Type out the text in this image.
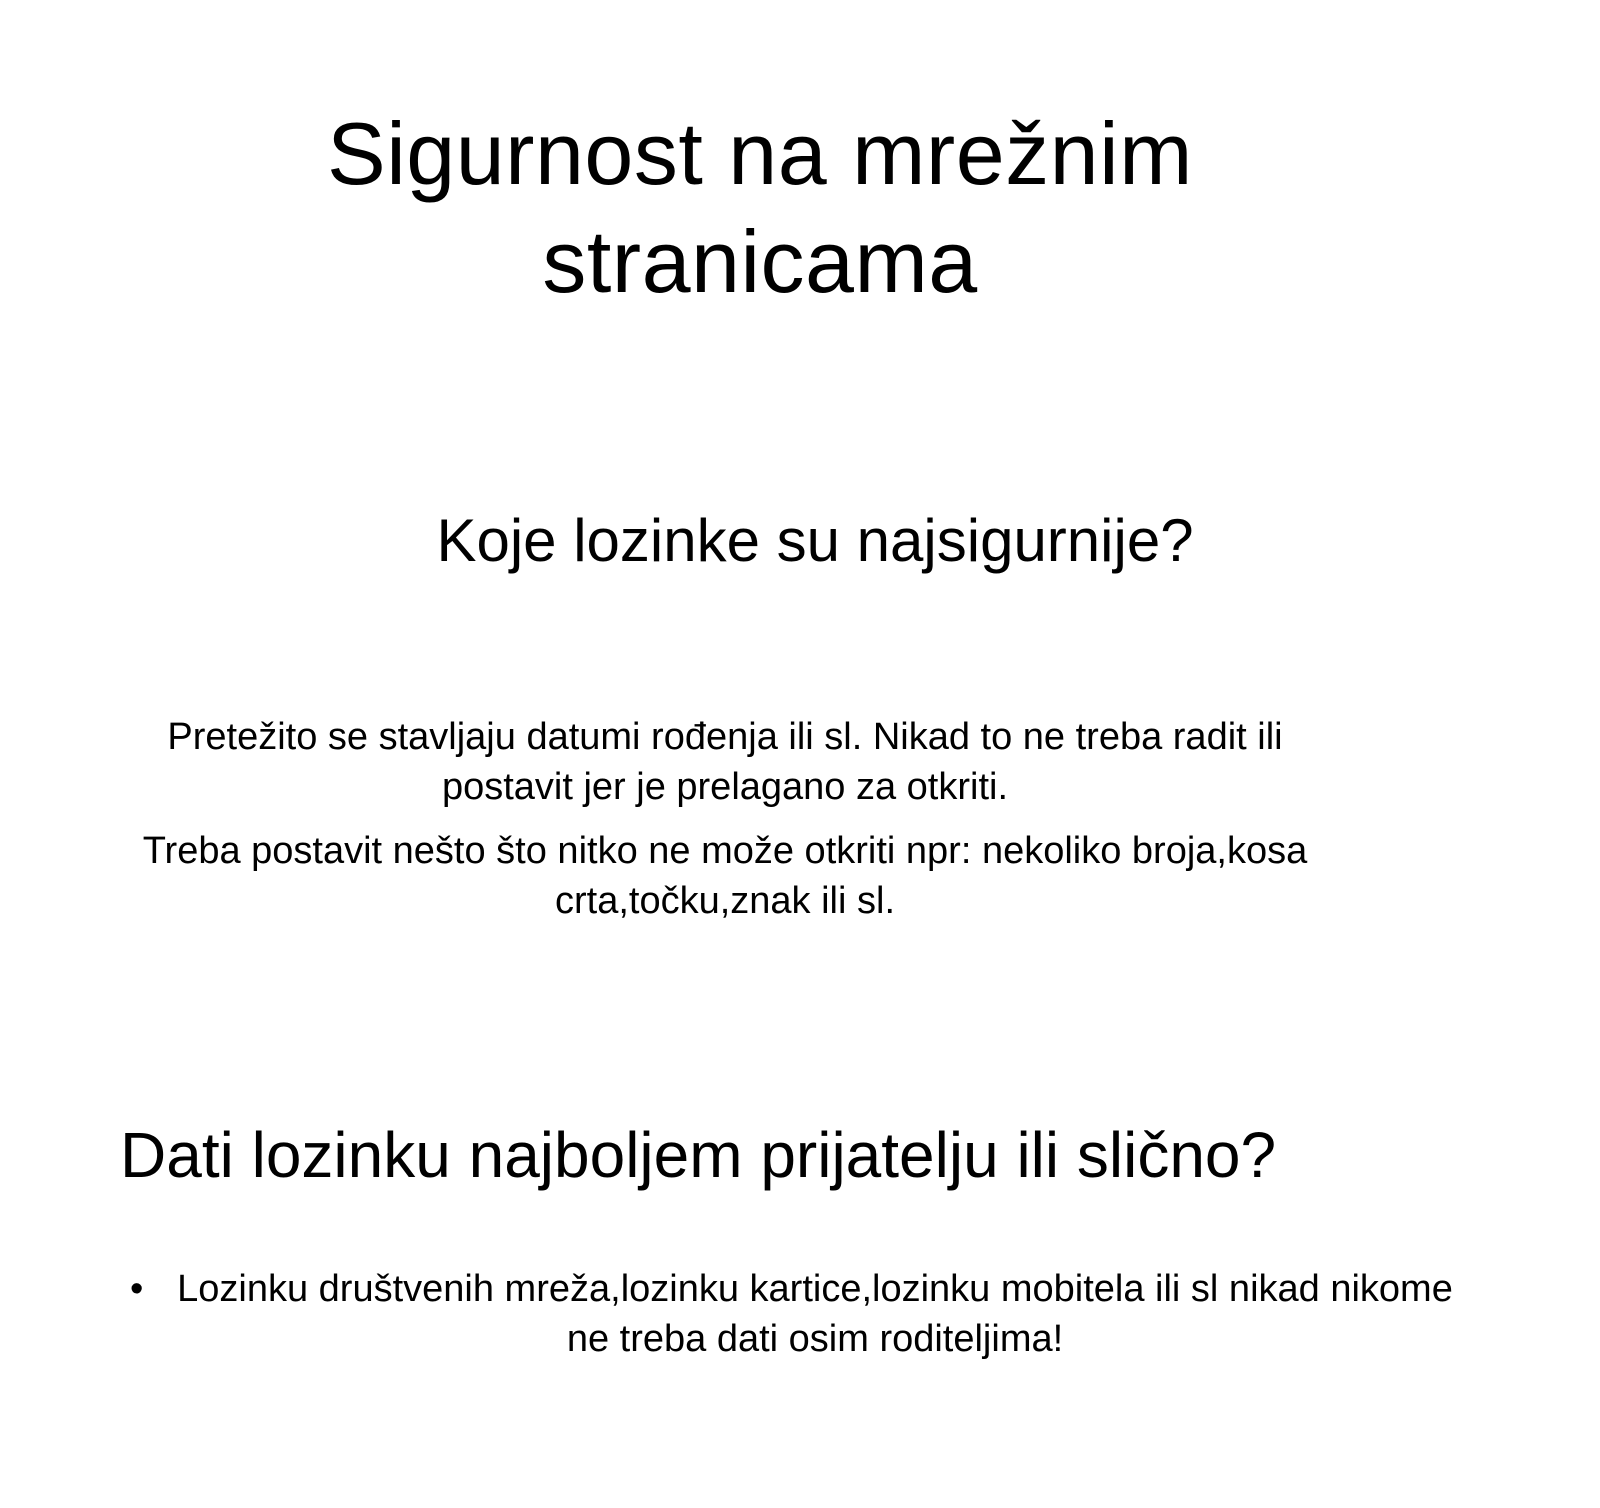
Sigurnost na mrežnim stranicama
Koje lozinke su najsigurnije?

Pretežito se stavljaju datumi rođenja ili sl. Nikad to ne treba radit ili postavit jer je prelagano za otkriti.

Treba postavit nešto što nitko ne može otkriti npr: nekoliko broja,kosa crta,točku,znak ili sl.

Dati lozinku najboljem prijatelju ili slično?
• Lozinku društvenih mreža,lozinku kartice,lozinku mobitela ili sl nikad nikome ne treba dati osim roditeljima!
